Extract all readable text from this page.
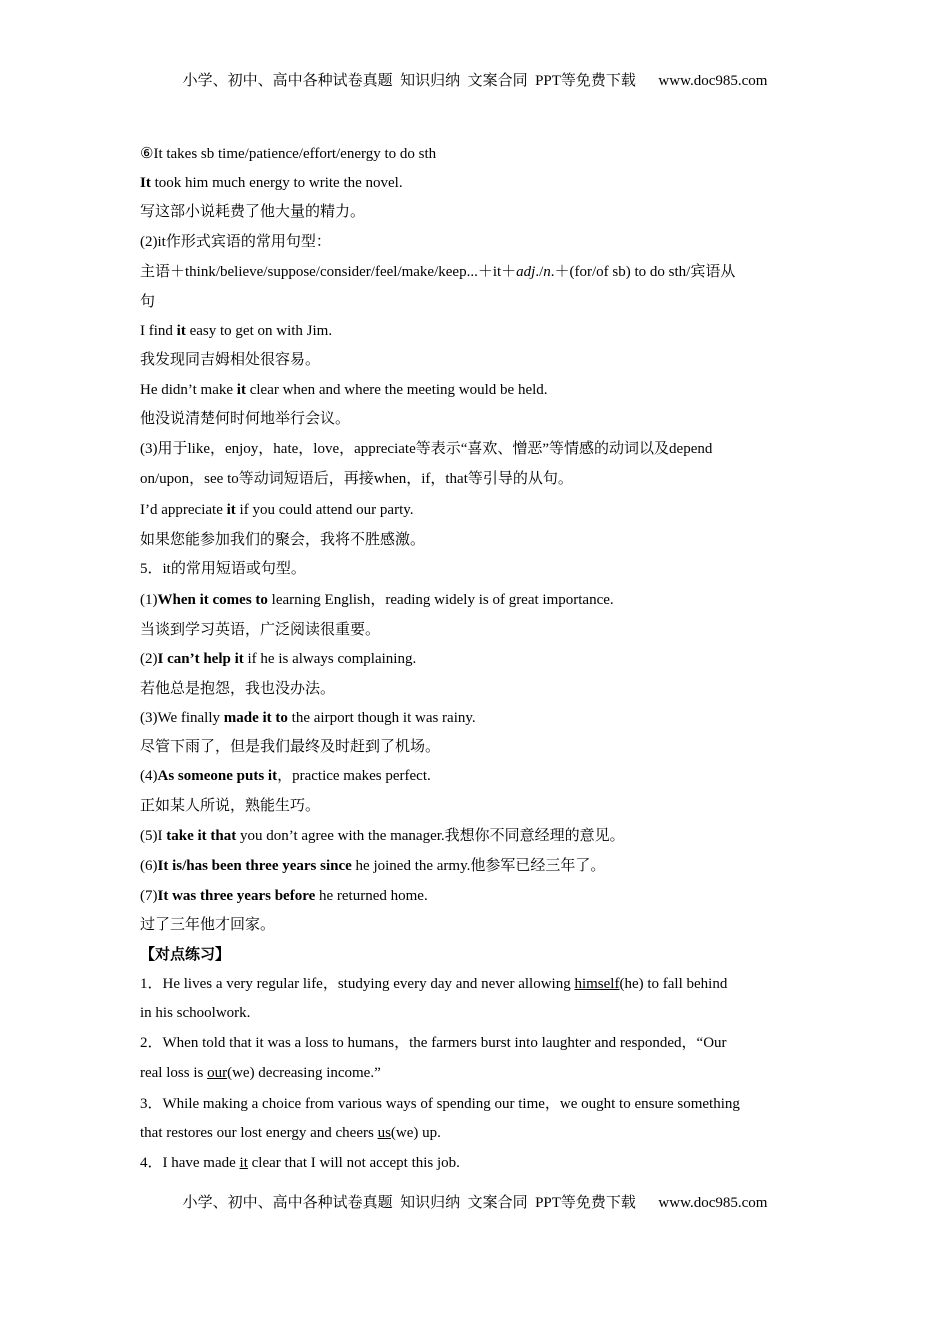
小学、初中、高中各种试卷真题  知识归纳  文案合同  PPT等免费下载 www.doc985.com
⑥It takes sb time/patience/effort/energy to do sth
It took him much energy to write the novel.
写这部小说耗费了他大量的精力。
(2)it作形式宾语的常用句型：
主语＋think/believe/suppose/consider/feel/make/keep...＋it＋adj./n.＋(for/of sb) to do sth/宾语从
句
I find it easy to get on with Jim.
我发现同吉姆相处很容易。
He didn’t make it clear when and where the meeting would be held.
他没说清楚何时何地举行会议。
(3)用于like，enjoy，hate，love，appreciate等表示“喜欢、憎恶”等情感的动词以及depend
on/upon，see to等动词短语后，再接when，if，that等引导的从句。
I’d appreciate it if you could attend our party.
如果您能参加我们的聚会，我将不胜感激。
5．it的常用短语或句型。
(1)When it comes to learning English，reading widely is of great importance.
当谈到学习英语，广泛阅读很重要。
(2)I can’t help it if he is always complaining.
若他总是抱怨，我也没办法。
(3)We finally made it to the airport though it was rainy.
尽管下雨了，但是我们最终及时赶到了机场。
(4)As someone puts it，practice makes perfect.
正如某人所说，熟能生巧。
(5)I take it that you don’t agree with the manager.我想你不同意经理的意见。
(6)It is/has been three years since he joined the army.他参军已经三年了。
(7)It was three years before he returned home.
过了三年他才回家。
【对点练习】
1．He lives a very regular life，studying every day and never allowing himself(he) to fall behind
in his schoolwork.
2．When told that it was a loss to humans，the farmers burst into laughter and responded，“Our
real loss is our(we) decreasing income.”
3．While making a choice from various ways of spending our time，we ought to ensure something
that restores our lost energy and cheers us(we) up.
4．I have made it clear that I will not accept this job.
小学、初中、高中各种试卷真题  知识归纳  文案合同  PPT等免费下载 www.doc985.com
